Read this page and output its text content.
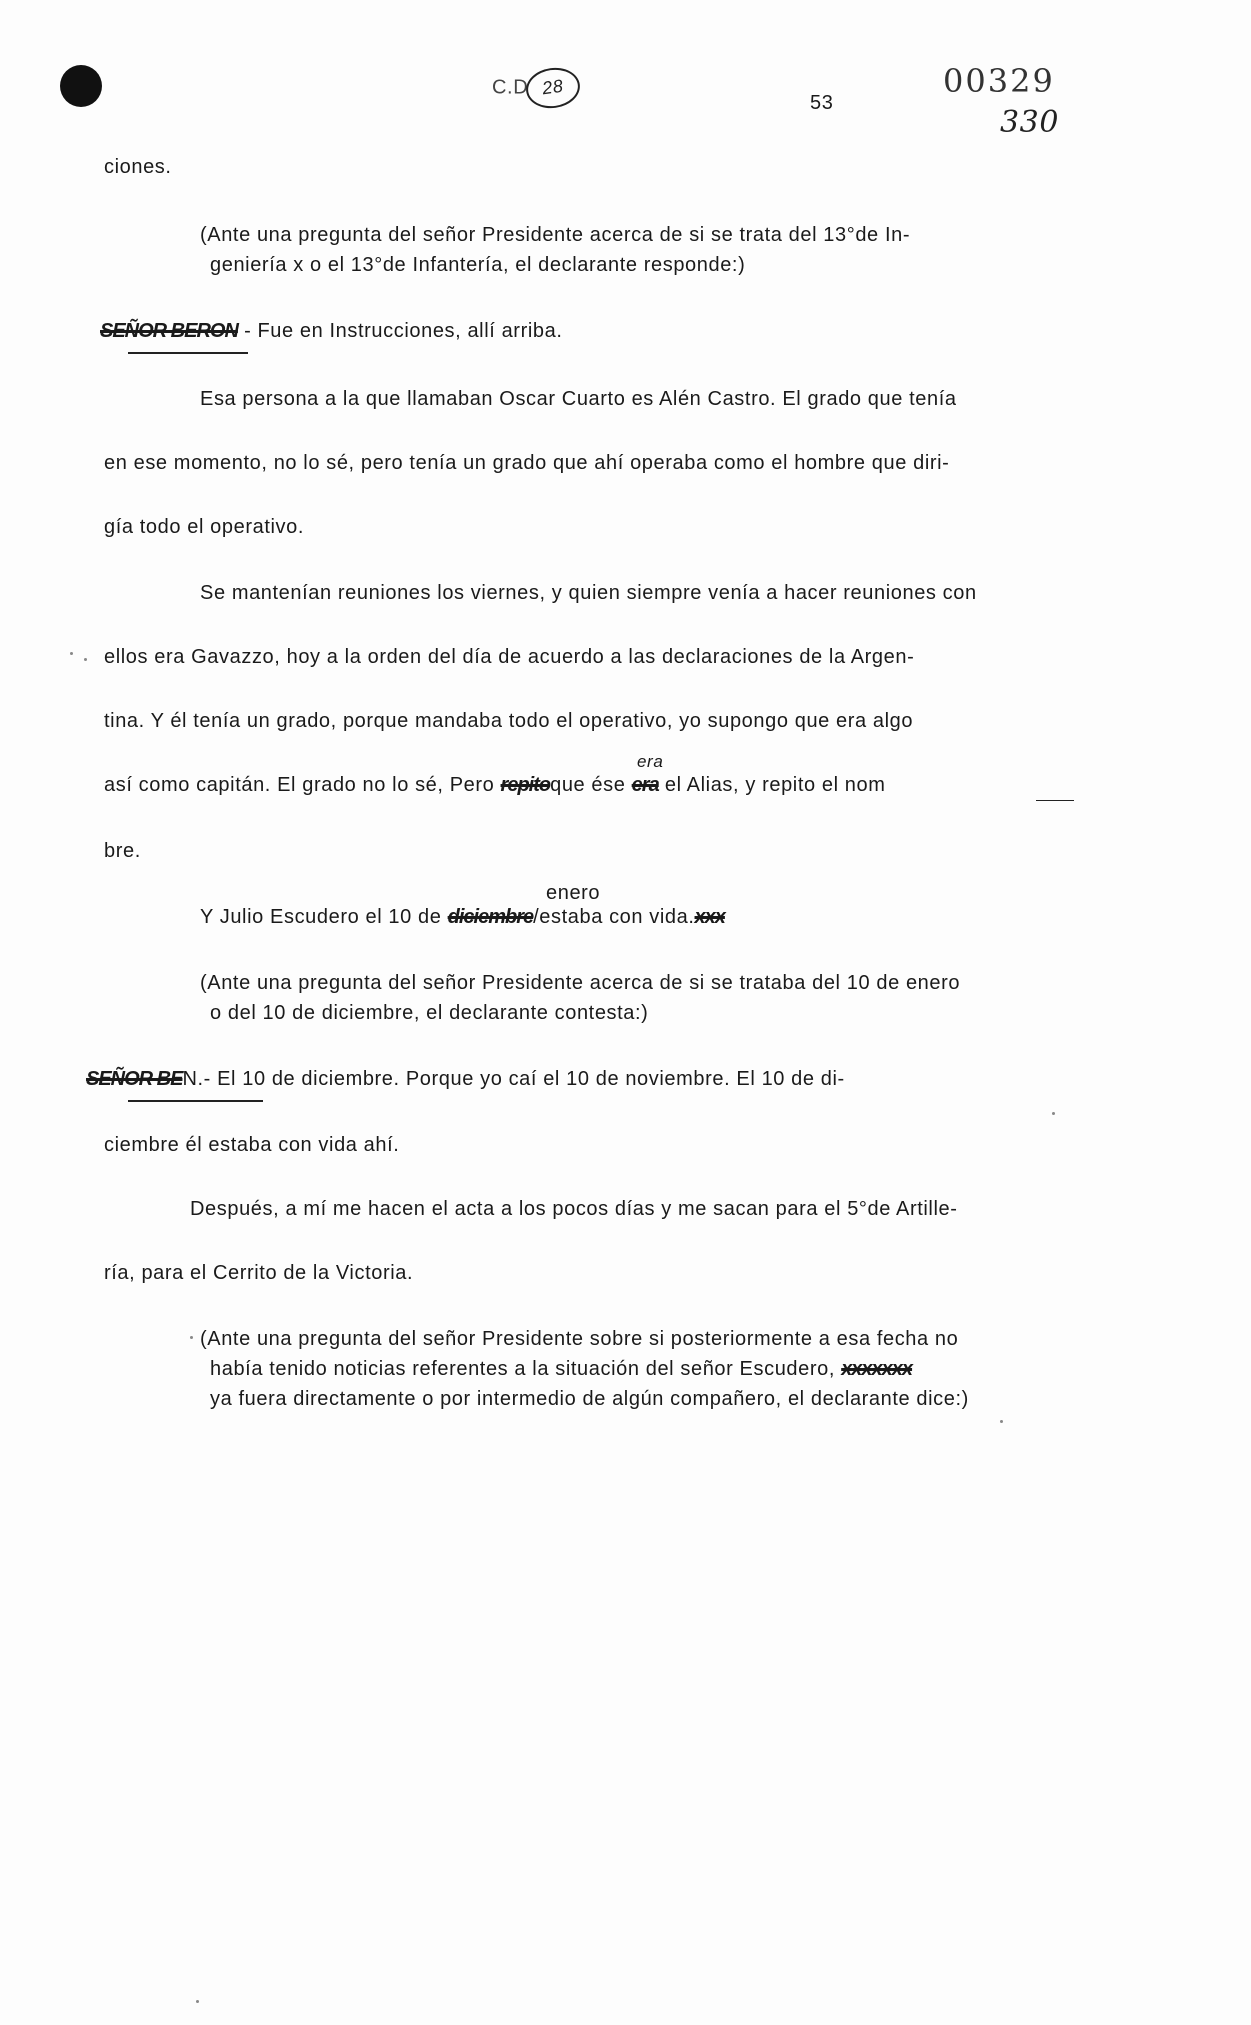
C.D 28
53
00329
330
ciones.
(Ante una pregunta del señor Presidente acerca de si se trata del 13°de In-
geniería x o el 13°de Infantería, el declarante responde:)
SEÑOR BERON - Fue en Instrucciones, allí arriba.
Esa persona a la que llamaban Oscar Cuarto es Alén Castro. El grado que tenía
en ese momento, no lo sé, pero tenía un grado que ahí operaba como el hombre que diri-
gía todo el operativo.
Se mantenían reuniones los viernes, y quien siempre venía a hacer reuniones con
ellos era Gavazzo, hoy a la orden del día de acuerdo a las declaraciones de la Argen-
tina. Y él tenía un grado, porque mandaba todo el operativo, yo supongo que era algo
era
así como capitán. El grado no lo sé, Pero repitoque ése era el Alias, y repito el nom
bre.
enero
Y Julio Escudero el 10 de diciembre/estaba con vida.xxx
(Ante una pregunta del señor Presidente acerca de si se trataba del 10 de enero
o del 10 de diciembre, el declarante contesta:)
SEÑOR BEN.- El 10 de diciembre. Porque yo caí el 10 de noviembre. El 10 de di-
ciembre él estaba con vida ahí.
Después, a mí me hacen el acta a los pocos días y me sacan para el 5°de Artille-
ría, para el Cerrito de la Victoria.
(Ante una pregunta del señor Presidente sobre si posteriormente a esa fecha no
había tenido noticias referentes a la situación del señor Escudero, xxxxxxx
ya fuera directamente o por intermedio de algún compañero, el declarante dice:)
